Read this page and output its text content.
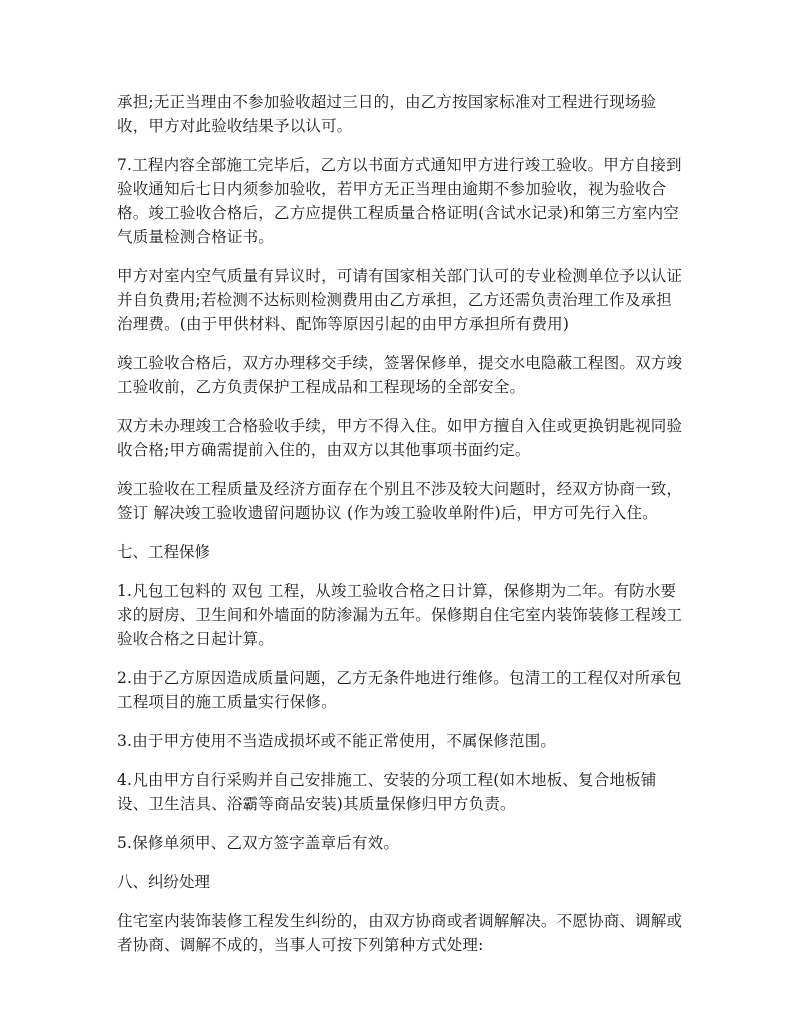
承担;无正当理由不参加验收超过三日的，由乙方按国家标准对工程进行现场验
收，甲方对此验收结果予以认可。
7.工程内容全部施工完毕后，乙方以书面方式通知甲方进行竣工验收。甲方自接到
验收通知后七日内须参加验收，若甲方无正当理由逾期不参加验收，视为验收合
格。竣工验收合格后，乙方应提供工程质量合格证明(含试水记录)和第三方室内空
气质量检测合格证书。
甲方对室内空气质量有异议时，可请有国家相关部门认可的专业检测单位予以认证
并自负费用;若检测不达标则检测费用由乙方承担，乙方还需负责治理工作及承担
治理费。(由于甲供材料、配饰等原因引起的由甲方承担所有费用)
竣工验收合格后，双方办理移交手续，签署保修单，提交水电隐蔽工程图。双方竣
工验收前，乙方负责保护工程成品和工程现场的全部安全。
双方未办理竣工合格验收手续，甲方不得入住。如甲方擅自入住或更换钥匙视同验
收合格;甲方确需提前入住的，由双方以其他事项书面约定。
竣工验收在工程质量及经济方面存在个别且不涉及较大问题时，经双方协商一致，
签订 解决竣工验收遗留问题协议 (作为竣工验收单附件)后，甲方可先行入住。
七、工程保修
1.凡包工包料的 双包 工程，从竣工验收合格之日计算，保修期为二年。有防水要
求的厨房、卫生间和外墙面的防渗漏为五年。保修期自住宅室内装饰装修工程竣工
验收合格之日起计算。
2.由于乙方原因造成质量问题，乙方无条件地进行维修。包清工的工程仅对所承包
工程项目的施工质量实行保修。
3.由于甲方使用不当造成损坏或不能正常使用，不属保修范围。
4.凡由甲方自行采购并自己安排施工、安装的分项工程(如木地板、复合地板铺
设、卫生洁具、浴霸等商品安装)其质量保修归甲方负责。
5.保修单须甲、乙双方签字盖章后有效。
八、纠纷处理
住宅室内装饰装修工程发生纠纷的，由双方协商或者调解解决。不愿协商、调解或
者协商、调解不成的，当事人可按下列第种方式处理:
